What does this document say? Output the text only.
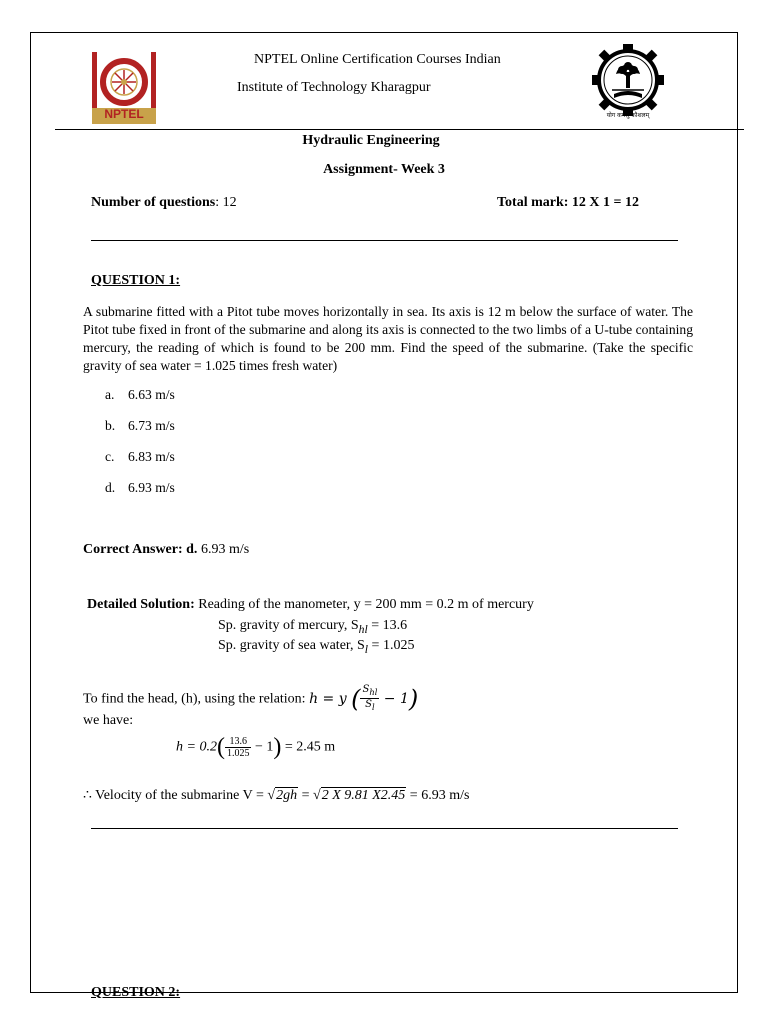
NPTEL
NPTEL Online Certification Courses Indian
Institute of Technology Kharagpur
योग कर्मसु कौशलम्
Hydraulic Engineering
Assignment- Week 3
Number of questions: 12	Total mark: 12 X 1 = 12
QUESTION 1:
A submarine fitted with a Pitot tube moves horizontally in sea. Its axis is 12 m below the surface of water. The Pitot tube fixed in front of the submarine and along its axis is connected to the two limbs of a U-tube containing mercury, the reading of which is found to be 200 mm. Find the speed of the submarine. (Take the specific gravity of sea water = 1.025 times fresh water)
a. 6.63 m/s
b. 6.73 m/s
c. 6.83 m/s
d. 6.93 m/s
Correct Answer: d. 6.93 m/s
Detailed Solution: Reading of the manometer, y = 200 mm = 0.2 m of mercury
Sp. gravity of mercury, $S_{hl} = 13.6$
Sp. gravity of sea water, $S_l = 1.025$
To find the head, (h), using the relation: h = y ( $\frac{S_{hl}}{S_l} - 1$)
we have:
$h = 0.2( \frac{13.6}{1.025} - 1) = 2.45$ m
∴ Velocity of the submarine V = √2gh = √2 X 9.81 X2.45 = 6.93 m/s
QUESTION 2:
